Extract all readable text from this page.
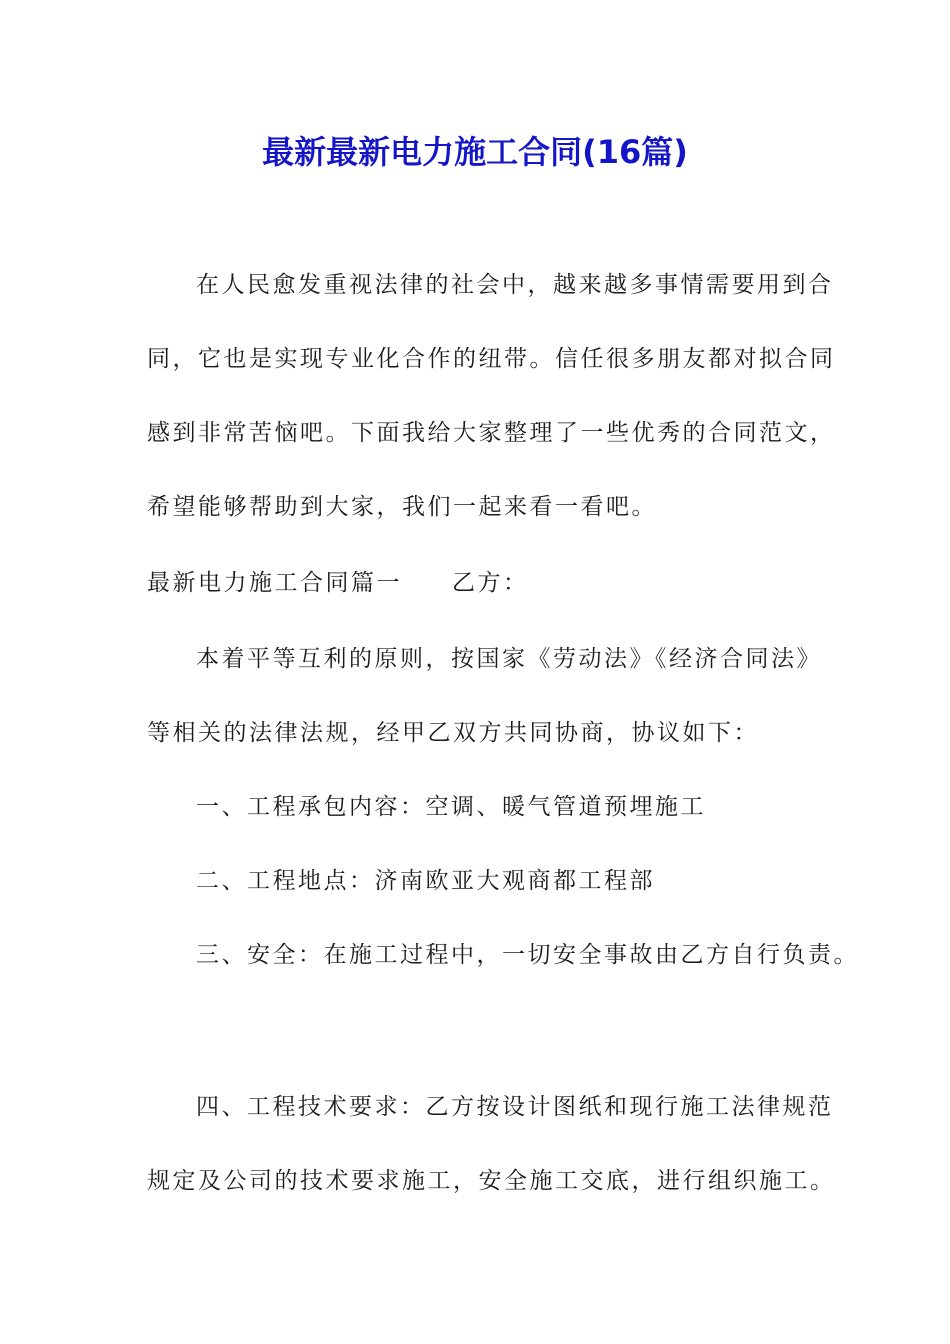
最新最新电力施工合同(16篇)
在人民愈发重视法律的社会中，越来越多事情需要用到合
同，它也是实现专业化合作的纽带。信任很多朋友都对拟合同
感到非常苦恼吧。下面我给大家整理了一些优秀的合同范文，
希望能够帮助到大家，我们一起来看一看吧。
最新电力施工合同篇一 乙方：
本着平等互利的原则，按国家《劳动法》《经济合同法》
等相关的法律法规，经甲乙双方共同协商，协议如下：
一、工程承包内容：空调、暖气管道预埋施工
二、工程地点：济南欧亚大观商都工程部
三、安全：在施工过程中，一切安全事故由乙方自行负责。
四、工程技术要求：乙方按设计图纸和现行施工法律规范
规定及公司的技术要求施工，安全施工交底，进行组织施工。
